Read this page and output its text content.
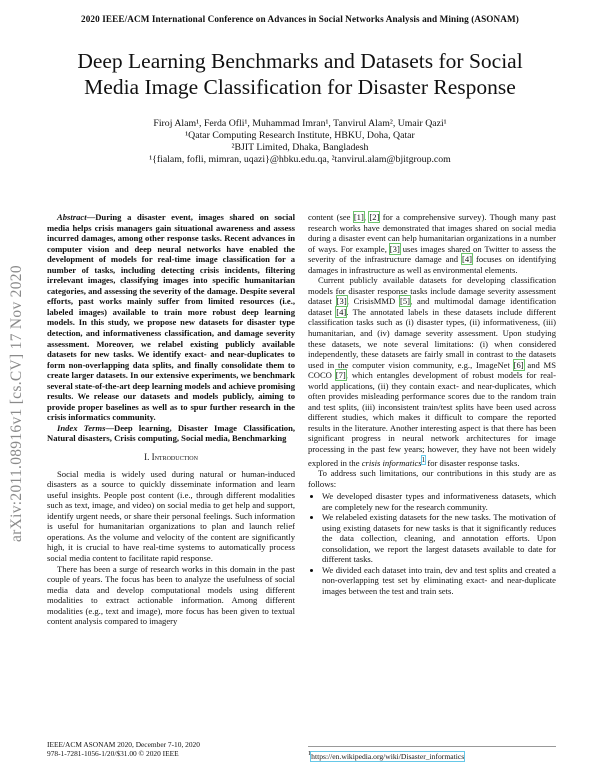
2020 IEEE/ACM International Conference on Advances in Social Networks Analysis and Mining (ASONAM)
Deep Learning Benchmarks and Datasets for Social
Media Image Classification for Disaster Response
Firoj Alam¹, Ferda Ofli¹, Muhammad Imran¹, Tanvirul Alam², Umair Qazi¹
¹Qatar Computing Research Institute, HBKU, Doha, Qatar
²BJIT Limited, Dhaka, Bangladesh
¹{fialam, fofli, mimran, uqazi}@hbku.edu.qa, ²tanvirul.alam@bjitgroup.com
arXiv:2011.08916v1 [cs.CV] 17 Nov 2020

Abstract—During a disaster event, images shared on social media helps crisis managers gain situational awareness and assess incurred damages, among other response tasks. Recent advances in computer vision and deep neural networks have enabled the development of models for real-time image classification for a number of tasks, including detecting crisis incidents, filtering irrelevant images, classifying images into specific humanitarian categories, and assessing the severity of the damage. Despite several efforts, past works mainly suffer from limited resources (i.e., labeled images) available to train more robust deep learning models. In this study, we propose new datasets for disaster type detection, and informativeness classification, and damage severity assessment. Moreover, we relabel existing publicly available datasets for new tasks. We identify exact- and near-duplicates to form non-overlapping data splits, and finally consolidate them to create larger datasets. In our extensive experiments, we benchmark several state-of-the-art deep learning models and achieve promising results. We release our datasets and models publicly, aiming to provide proper baselines as well as to spur further research in the crisis informatics community.

Index Terms—Deep learning, Disaster Image Classification, Natural disasters, Crisis computing, Social media, Benchmarking

I. Introduction

Social media is widely used during natural or human-induced disasters as a source to quickly disseminate information and learn useful insights. People post content (i.e., through different modalities such as text, image, and video) on social media to get help and support, identify urgent needs, or share their personal feelings. Such information is useful for humanitarian organizations to plan and launch relief operations. As the volume and velocity of the content are significantly high, it is crucial to have real-time systems to automatically process social media content to facilitate rapid response.

There has been a surge of research works in this domain in the past couple of years. The focus has been to analyze the usefulness of social media data and develop computational models using different modalities to extract actionable information. Among different modalities (e.g., text and image), more focus has been given to textual content analysis compared to imagery

content (see [1], [2] for a comprehensive survey). Though many past research works have demonstrated that images shared on social media during a disaster event can help humanitarian organizations in a number of ways. For example, [3] uses images shared on Twitter to assess the severity of the infrastructure damage and [4] focuses on identifying damages in infrastructure as well as environmental elements.

Current publicly available datasets for developing classification models for disaster response tasks include damage severity assessment dataset [3], CrisisMMD [5], and multimodal damage identification dataset [4]. The annotated labels in these datasets include different classification tasks such as (i) disaster types, (ii) informativeness, (iii) humanitarian, and (iv) damage severity assessment. Upon studying these datasets, we note several limitations: (i) when considered independently, these datasets are fairly small in contrast to the datasets used in the computer vision community, e.g., ImageNet [6] and MS COCO [7], which entangles development of robust models for real-world applications, (ii) they contain exact- and near-duplicates, which often provides misleading performance scores due to the random train and test splits, (iii) inconsistent train/test splits have been used across different studies, which makes it difficult to compare the reported results in the literature. Another interesting aspect is that there has been significant progress in neural network architectures for image processing in the past few years; however, they have not been widely explored in the crisis informatics$^1$ for disaster response tasks.

To address such limitations, our contributions in this study are as follows:

• We developed disaster types and informativeness datasets, which are completely new for the research community.
• We relabeled existing datasets for the new tasks. The motivation of using existing datasets for new tasks is that it significantly reduces the data collection, cleaning, and annotation efforts. Upon consolidation, we report the largest datasets available to date for different tasks.
• We divided each dataset into train, dev and test splits and created a non-overlapping test set by eliminating exact- and near-duplicate images between the test and train sets.
IEEE/ACM ASONAM 2020, December 7-10, 2020
978-1-7281-1056-1/20/$31.00 © 2020 IEEE	$^1$https://en.wikipedia.org/wiki/Disaster_informatics
